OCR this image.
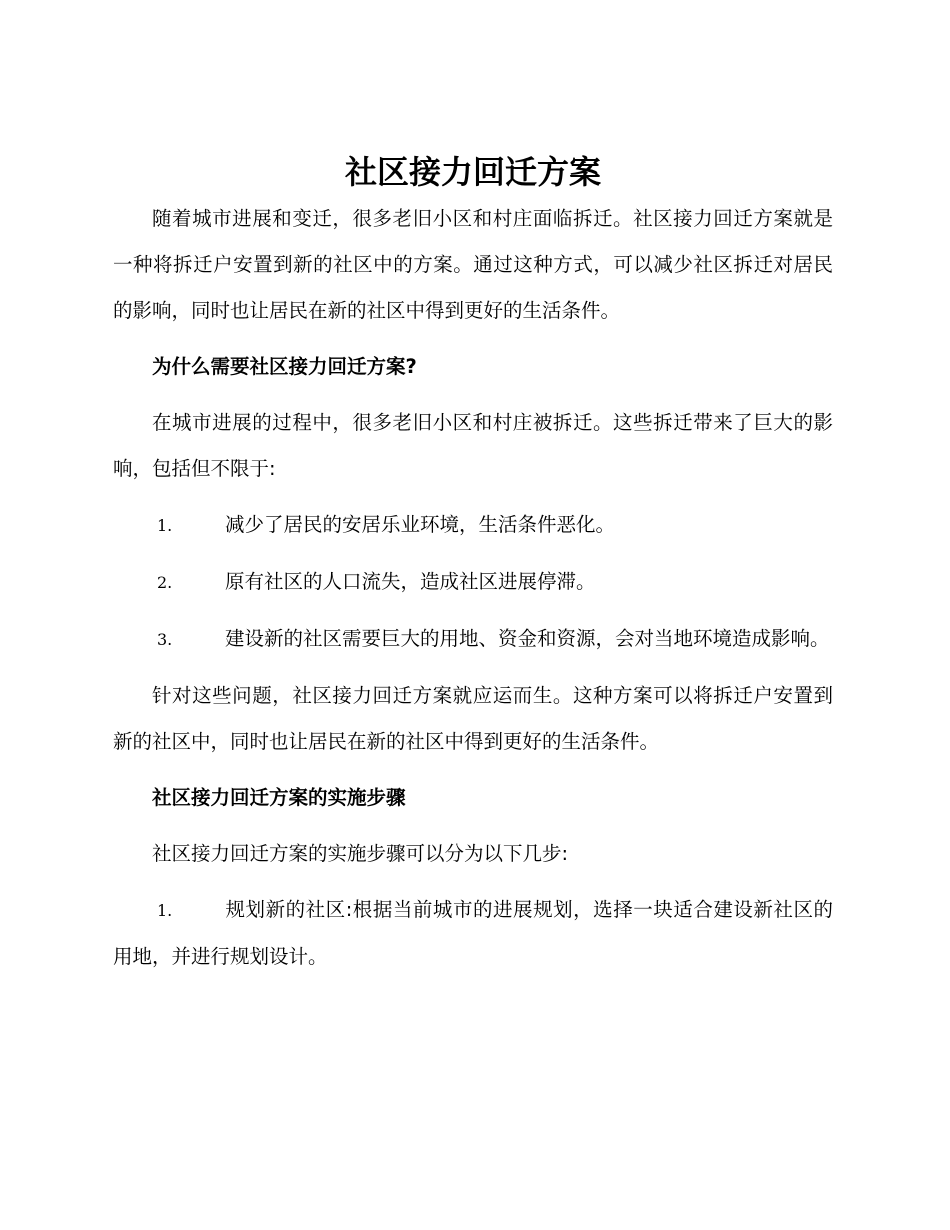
社区接力回迁方案

随着城市进展和变迁，很多老旧小区和村庄面临拆迁。社区接力回迁方案就是一种将拆迁户安置到新的社区中的方案。通过这种方式，可以减少社区拆迁对居民的影响，同时也让居民在新的社区中得到更好的生活条件。

为什么需要社区接力回迁方案?

在城市进展的过程中，很多老旧小区和村庄被拆迁。这些拆迁带来了巨大的影响，包括但不限于:

1.	减少了居民的安居乐业环境，生活条件恶化。

2.	原有社区的人口流失，造成社区进展停滞。

3.	建设新的社区需要巨大的用地、资金和资源，会对当地环境造成影响。

针对这些问题，社区接力回迁方案就应运而生。这种方案可以将拆迁户安置到新的社区中，同时也让居民在新的社区中得到更好的生活条件。

社区接力回迁方案的实施步骤

社区接力回迁方案的实施步骤可以分为以下几步:

1.	规划新的社区:根据当前城市的进展规划，选择一块适合建设新社区的用地，并进行规划设计。
